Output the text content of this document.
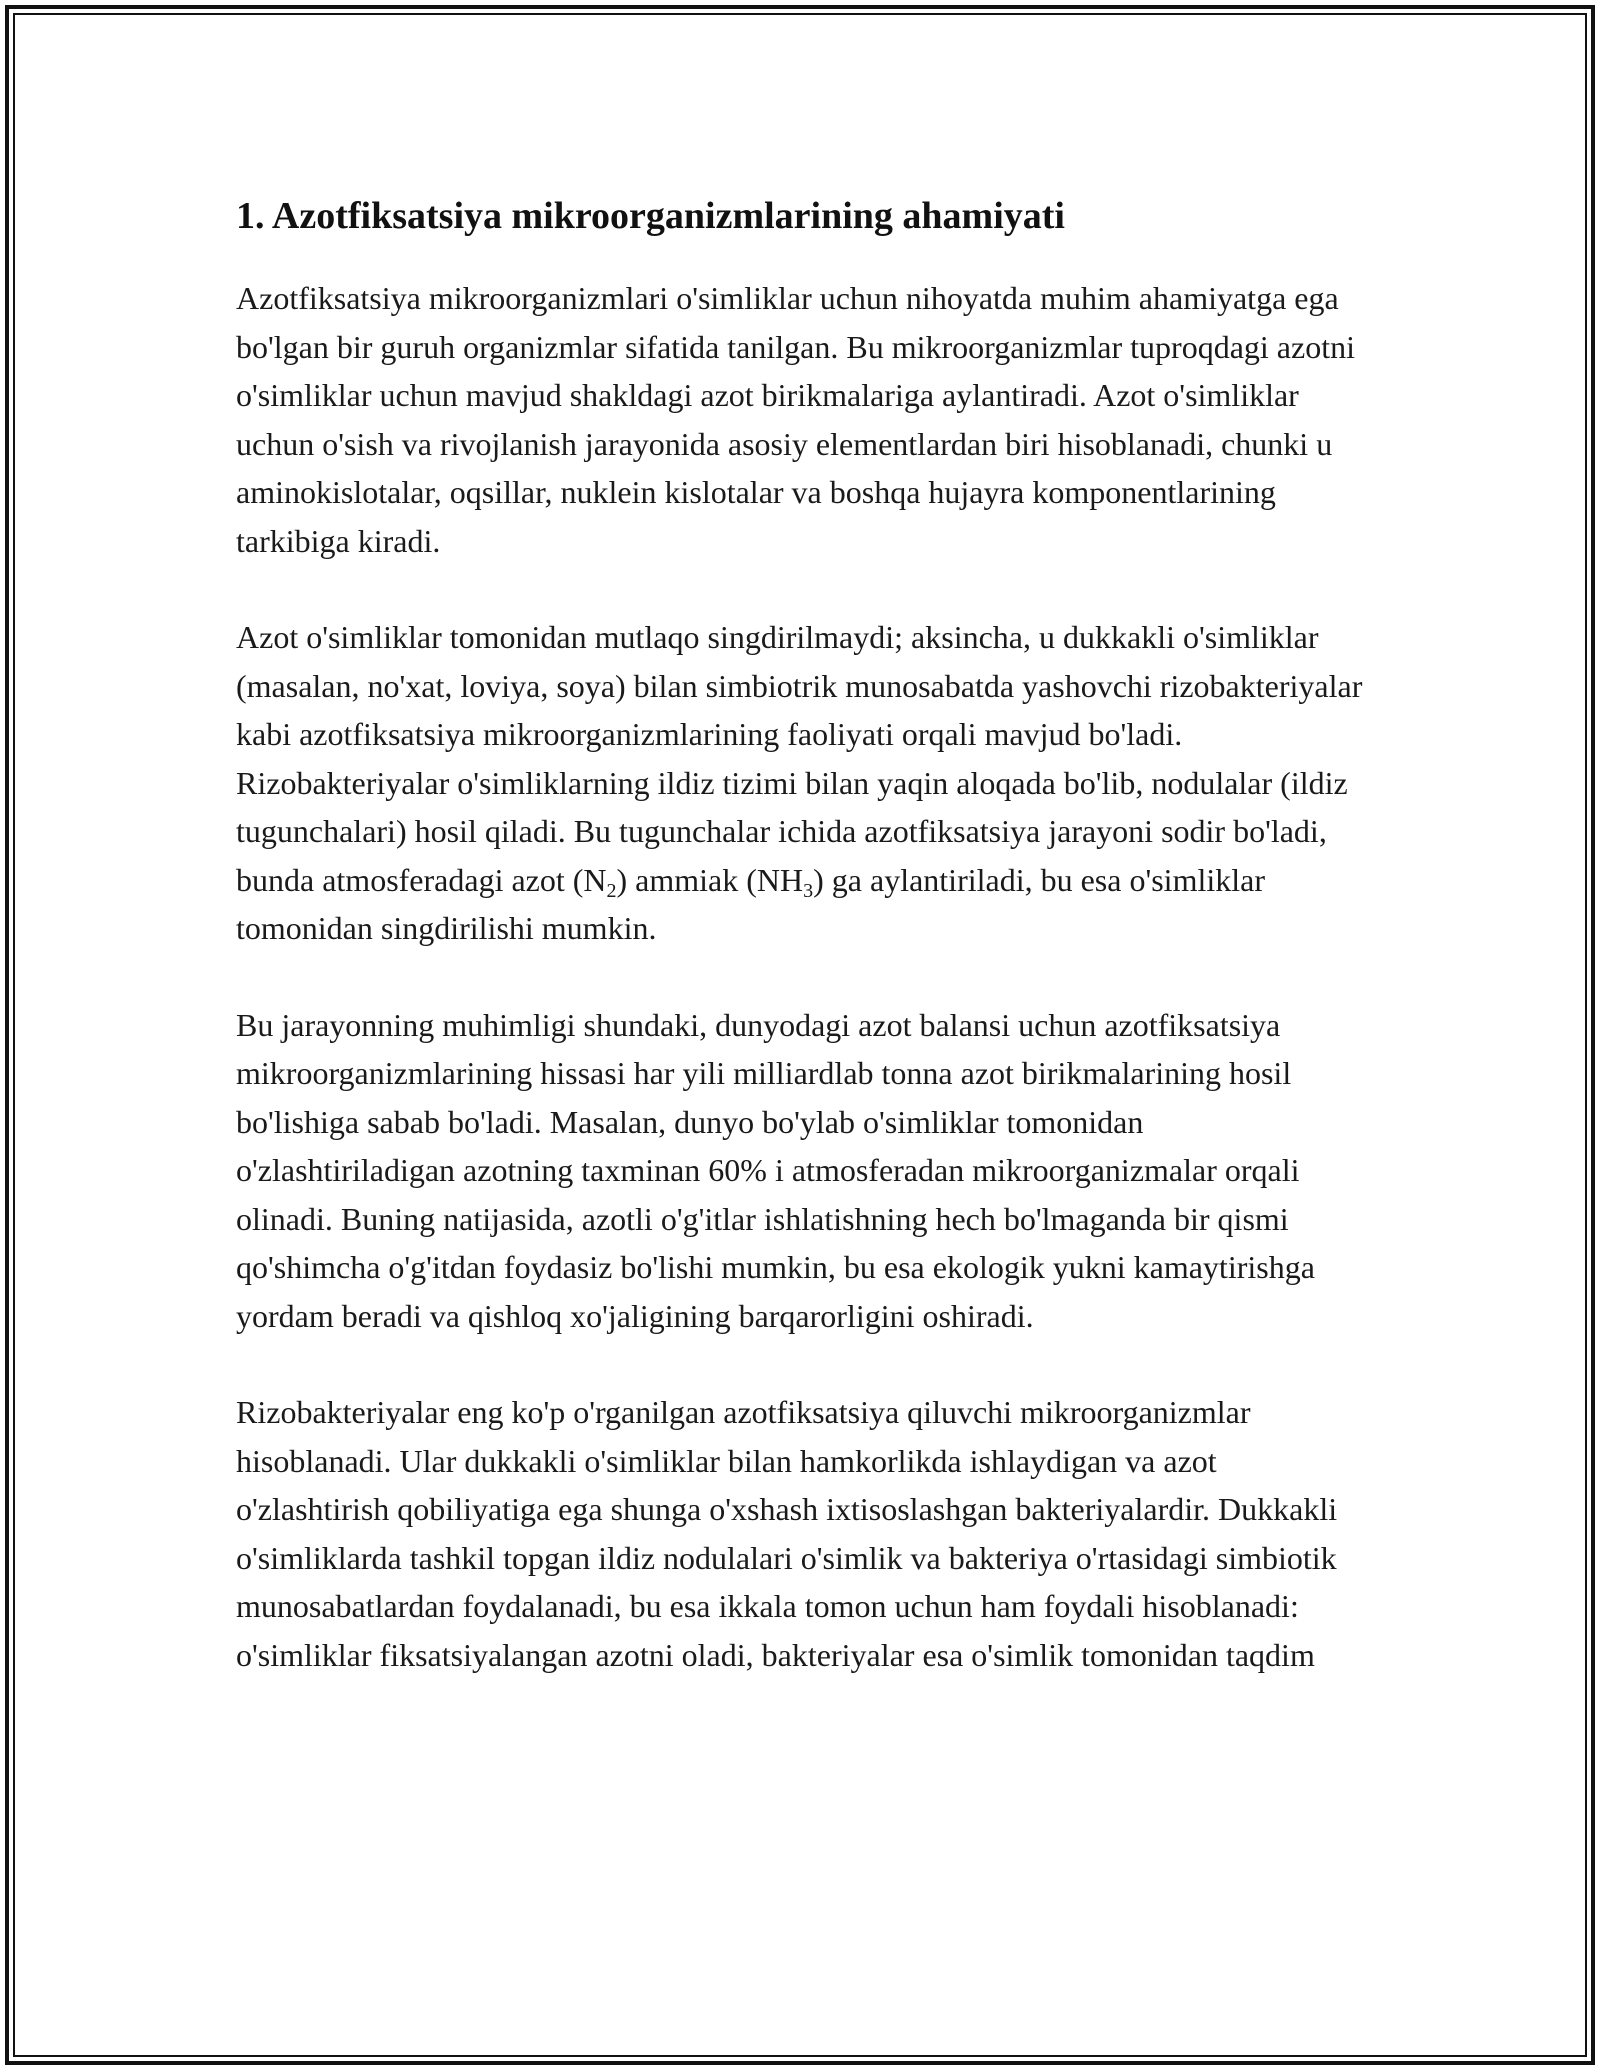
1. Azotfiksatsiya mikroorganizmlarining ahamiyati

Azotfiksatsiya mikroorganizmlari o'simliklar uchun nihoyatda muhim ahamiyatga ega bo'lgan bir guruh organizmlar sifatida tanilgan. Bu mikroorganizmlar tuproqdagi azotni o'simliklar uchun mavjud shakldagi azot birikmalariga aylantiradi. Azot o'simliklar uchun o'sish va rivojlanish jarayonida asosiy elementlardan biri hisoblanadi, chunki u aminokislotalar, oqsillar, nuklein kislotalar va boshqa hujayra komponentlarining tarkibiga kiradi.

Azot o'simliklar tomonidan mutlaqo singdirilmaydi; aksincha, u dukkakli o'simliklar (masalan, no'xat, loviya, soya) bilan simbiotrik munosabatda yashovchi rizobakteriyalar kabi azotfiksatsiya mikroorganizmlarining faoliyati orqali mavjud bo'ladi. Rizobakteriyalar o'simliklarning ildiz tizimi bilan yaqin aloqada bo'lib, nodulalar (ildiz tugunchalari) hosil qiladi. Bu tugunchalar ichida azotfiksatsiya jarayoni sodir bo'ladi, bunda atmosferadagi azot $(N_2)$ ammiak $(NH_3)$ ga aylantiriladi, bu esa o'simliklar tomonidan singdirilishi mumkin.

Bu jarayonning muhimligi shundaki, dunyodagi azot balansi uchun azotfiksatsiya mikroorganizmlarining hissasi har yili milliardlab tonna azot birikmalarining hosil bo'lishiga sabab bo'ladi. Masalan, dunyo bo'ylab o'simliklar tomonidan o'zlashtiriladigan azotning taxminan 60% i atmosferadan mikroorganizmalar orqali olinadi. Buning natijasida, azotli o'g'itlar ishlatishning hech bo'lmaganda bir qismi qo'shimcha o'g'itdan foydasiz bo'lishi mumkin, bu esa ekologik yukni kamaytirishga yordam beradi va qishloq xo'jaligining barqarorligini oshiradi.

Rizobakteriyalar eng ko'p o'rganilgan azotfiksatsiya qiluvchi mikroorganizmlar hisoblanadi. Ular dukkakli o'simliklar bilan hamkorlikda ishlaydigan va azot o'zlashtirish qobiliyatiga ega shunga o'xshash ixtisoslashgan bakteriyalardir. Dukkakli o'simliklarda tashkil topgan ildiz nodulalari o'simlik va bakteriya o'rtasidagi simbiotik munosabatlardan foydalanadi, bu esa ikkala tomon uchun ham foydali hisoblanadi: o'simliklar fiksatsiyalangan azotni oladi, bakteriyalar esa o'simlik tomonidan taqdim
